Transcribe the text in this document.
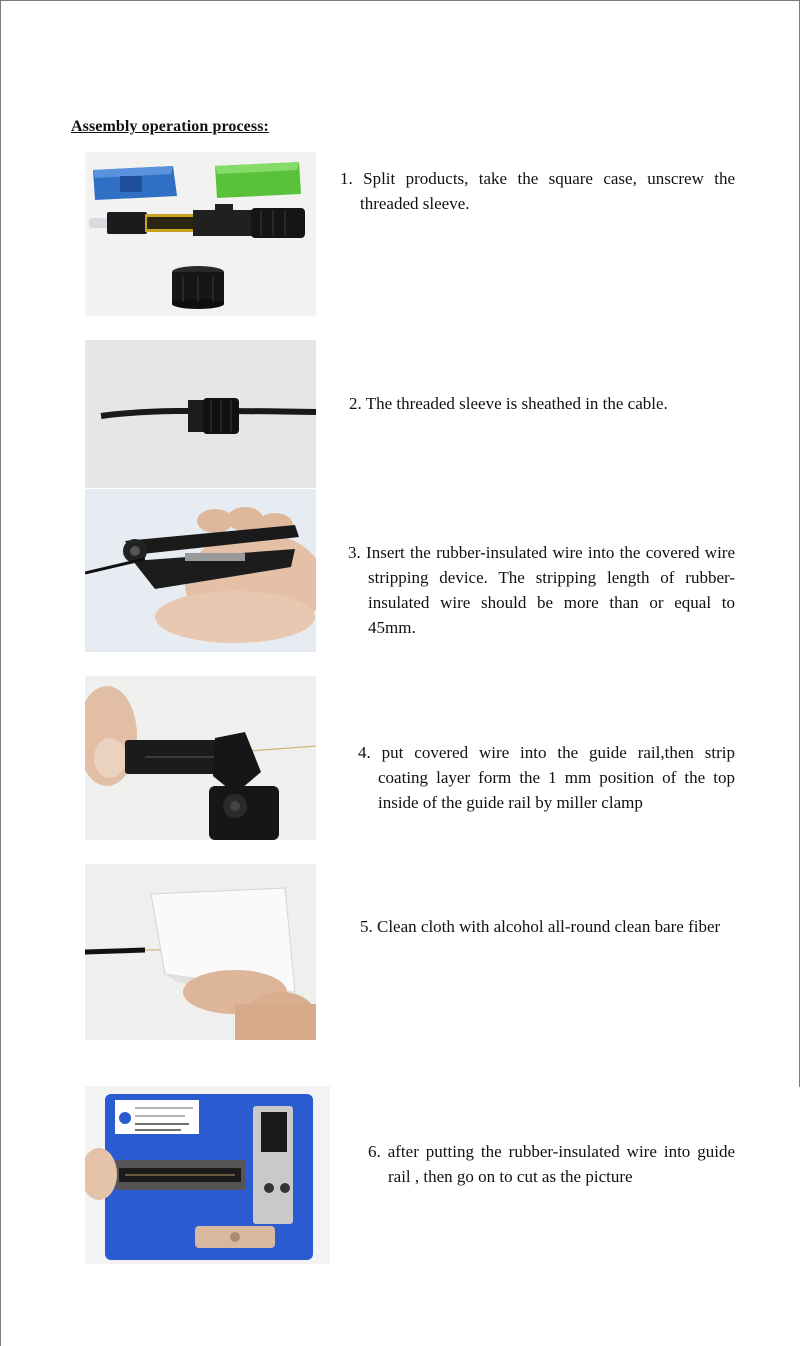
Assembly operation process:
1. Split products, take the square case, unscrew the threaded sleeve.
2. The threaded sleeve is sheathed in the cable.
3. Insert the rubber-insulated wire into the covered wire stripping device. The stripping length of rubber-insulated wire should be more than or equal to 45mm.
4. put covered wire into the guide rail,then strip coating layer form the 1 mm position of the top inside of the guide rail by miller clamp
5. Clean cloth with alcohol all-round clean bare fiber
6. after putting the rubber-insulated wire into guide rail , then go on to cut as the picture
